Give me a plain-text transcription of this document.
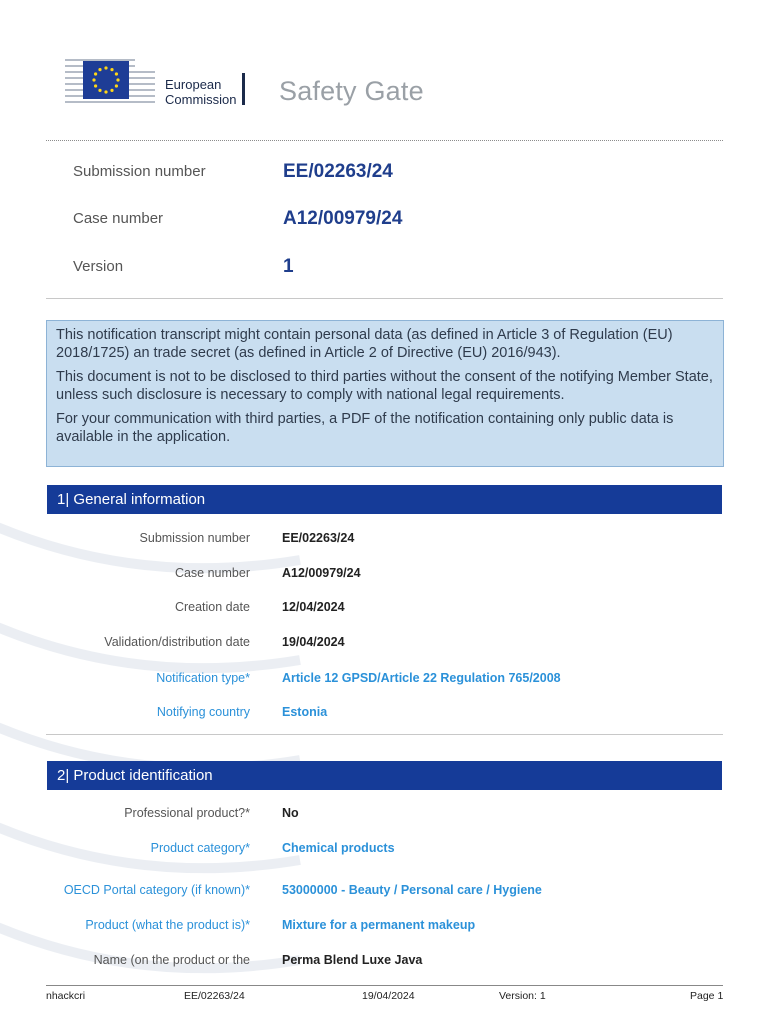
European
Commission Safety Gate
Submission number	EE/02263/24
Case number	A12/00979/24
Version	1

This notification transcript might contain personal data (as defined in Article 3 of Regulation (EU) 2018/1725) an trade secret (as defined in Article 2 of Directive (EU) 2016/943).

This document is not to be disclosed to third parties without the consent of the notifying Member State, unless such disclosure is necessary to comply with national legal requirements.

For your communication with third parties, a PDF of the notification containing only public data is available in the application.

1| General information
Submission number	EE/02263/24
Case number	A12/00979/24
Creation date	12/04/2024
Validation/distribution date	19/04/2024
Notification type*	Article 12 GPSD/Article 22 Regulation 765/2008
Notifying country	Estonia
2| Product identification
Professional product?*	No
Product category*	Chemical products
OECD Portal category (if known)*	53000000 - Beauty / Personal care / Hygiene
Product (what the product is)*	Mixture for a permanent makeup
Name (on the product or the	Perma Blend Luxe Java
nhackcri	EE/02263/24	19/04/2024	Version: 1	Page 1
